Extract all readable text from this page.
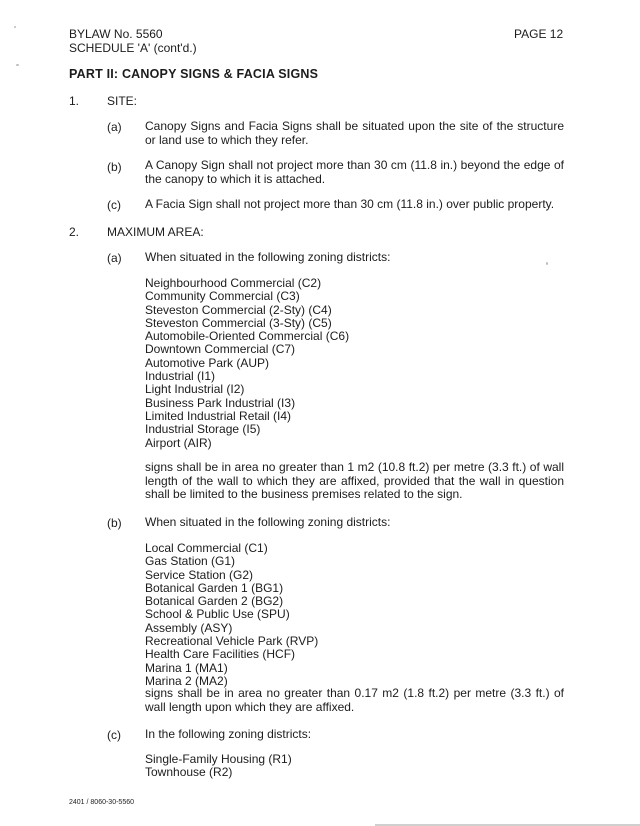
BYLAW No. 5560
SCHEDULE 'A' (cont'd.)
PAGE 12
PART II: CANOPY SIGNS & FACIA SIGNS
1. SITE:
(a) Canopy Signs and Facia Signs shall be situated upon the site of the structure or land use to which they refer.
(b) A Canopy Sign shall not project more than 30 cm (11.8 in.) beyond the edge of the canopy to which it is attached.
(c) A Facia Sign shall not project more than 30 cm (11.8 in.) over public property.
2. MAXIMUM AREA:
(a) When situated in the following zoning districts:
Neighbourhood Commercial (C2)
Community Commercial (C3)
Steveston Commercial (2-Sty) (C4)
Steveston Commercial (3-Sty) (C5)
Automobile-Oriented Commercial (C6)
Downtown Commercial (C7)
Automotive Park (AUP)
Industrial (I1)
Light Industrial (I2)
Business Park Industrial (I3)
Limited Industrial Retail (I4)
Industrial Storage (I5)
Airport (AIR)
signs shall be in area no greater than 1 m2 (10.8 ft.2) per metre (3.3 ft.) of wall length of the wall to which they are affixed, provided that the wall in question shall be limited to the business premises related to the sign.
(b) When situated in the following zoning districts:
Local Commercial (C1)
Gas Station (G1)
Service Station (G2)
Botanical Garden 1 (BG1)
Botanical Garden 2 (BG2)
School & Public Use (SPU)
Assembly (ASY)
Recreational Vehicle Park (RVP)
Health Care Facilities (HCF)
Marina 1 (MA1)
Marina 2 (MA2)
signs shall be in area no greater than 0.17 m2 (1.8 ft.2) per metre (3.3 ft.) of wall length upon which they are affixed.
(c) In the following zoning districts:
Single-Family Housing (R1)
Townhouse (R2)
2401 / 8060-30-5560
